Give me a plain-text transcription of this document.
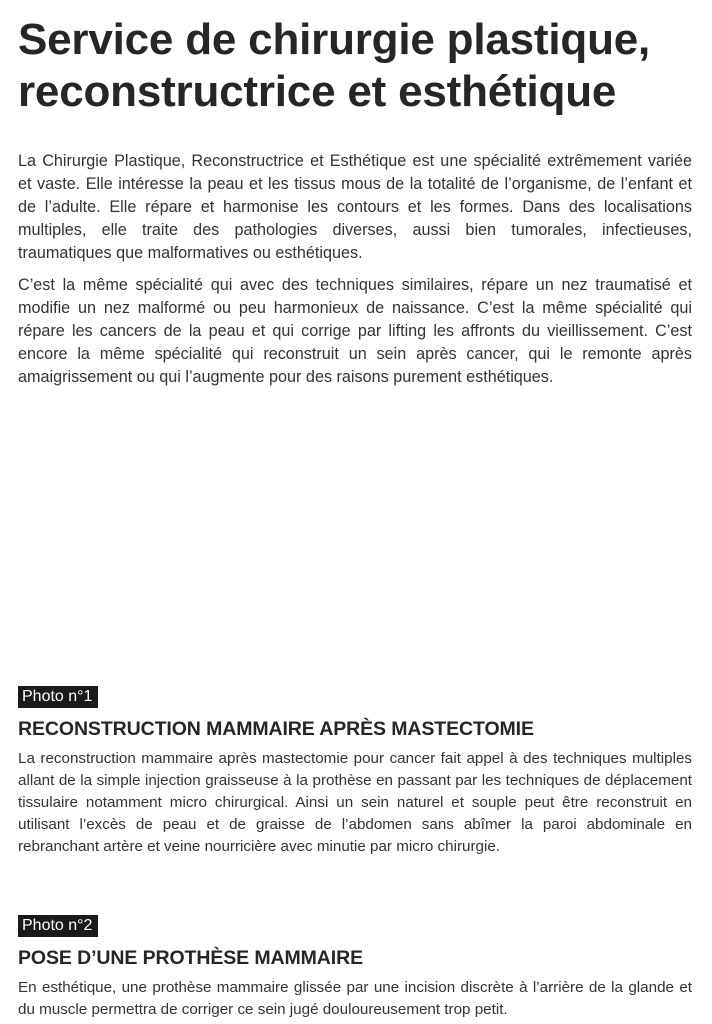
Service de chirurgie plastique,
reconstructrice et esthétique

La Chirurgie Plastique, Reconstructrice et Esthétique est une spécialité extrêmement variée et vaste. Elle intéresse la peau et les tissus mous de la totalité de l’organisme, de l’enfant et de l’adulte. Elle répare et harmonise les contours et les formes. Dans des localisations multiples, elle traite des pathologies diverses, aussi bien tumorales, infectieuses, traumatiques que malformatives ou esthétiques.

C’est la même spécialité qui avec des techniques similaires, répare un nez traumatisé et modifie un nez malformé ou peu harmonieux de naissance. C’est la même spécialité qui répare les cancers de la peau et qui corrige par lifting les affronts du vieillissement. C’est encore la même spécialité qui reconstruit un sein après cancer, qui le remonte après amaigrissement ou qui l’augmente pour des raisons purement esthétiques.

Photo n°1
RECONSTRUCTION MAMMAIRE APRÈS MASTECTOMIE

La reconstruction mammaire après mastectomie pour cancer fait appel à des techniques multiples allant de la simple injection graisseuse à la prothèse en passant par les techniques de déplacement tissulaire notamment micro chirurgical. Ainsi un sein naturel et souple peut être reconstruit en utilisant l’excès de peau et de graisse de l’abdomen sans abîmer la paroi abdominale en rebranchant artère et veine nourricière avec minutie par micro chirurgie.

Photo n°2
POSE D’UNE PROTHÈSE MAMMAIRE

En esthétique, une prothèse mammaire glissée par une incision discrète à l’arrière de la glande et du muscle permettra de corriger ce sein jugé douloureusement trop petit.
